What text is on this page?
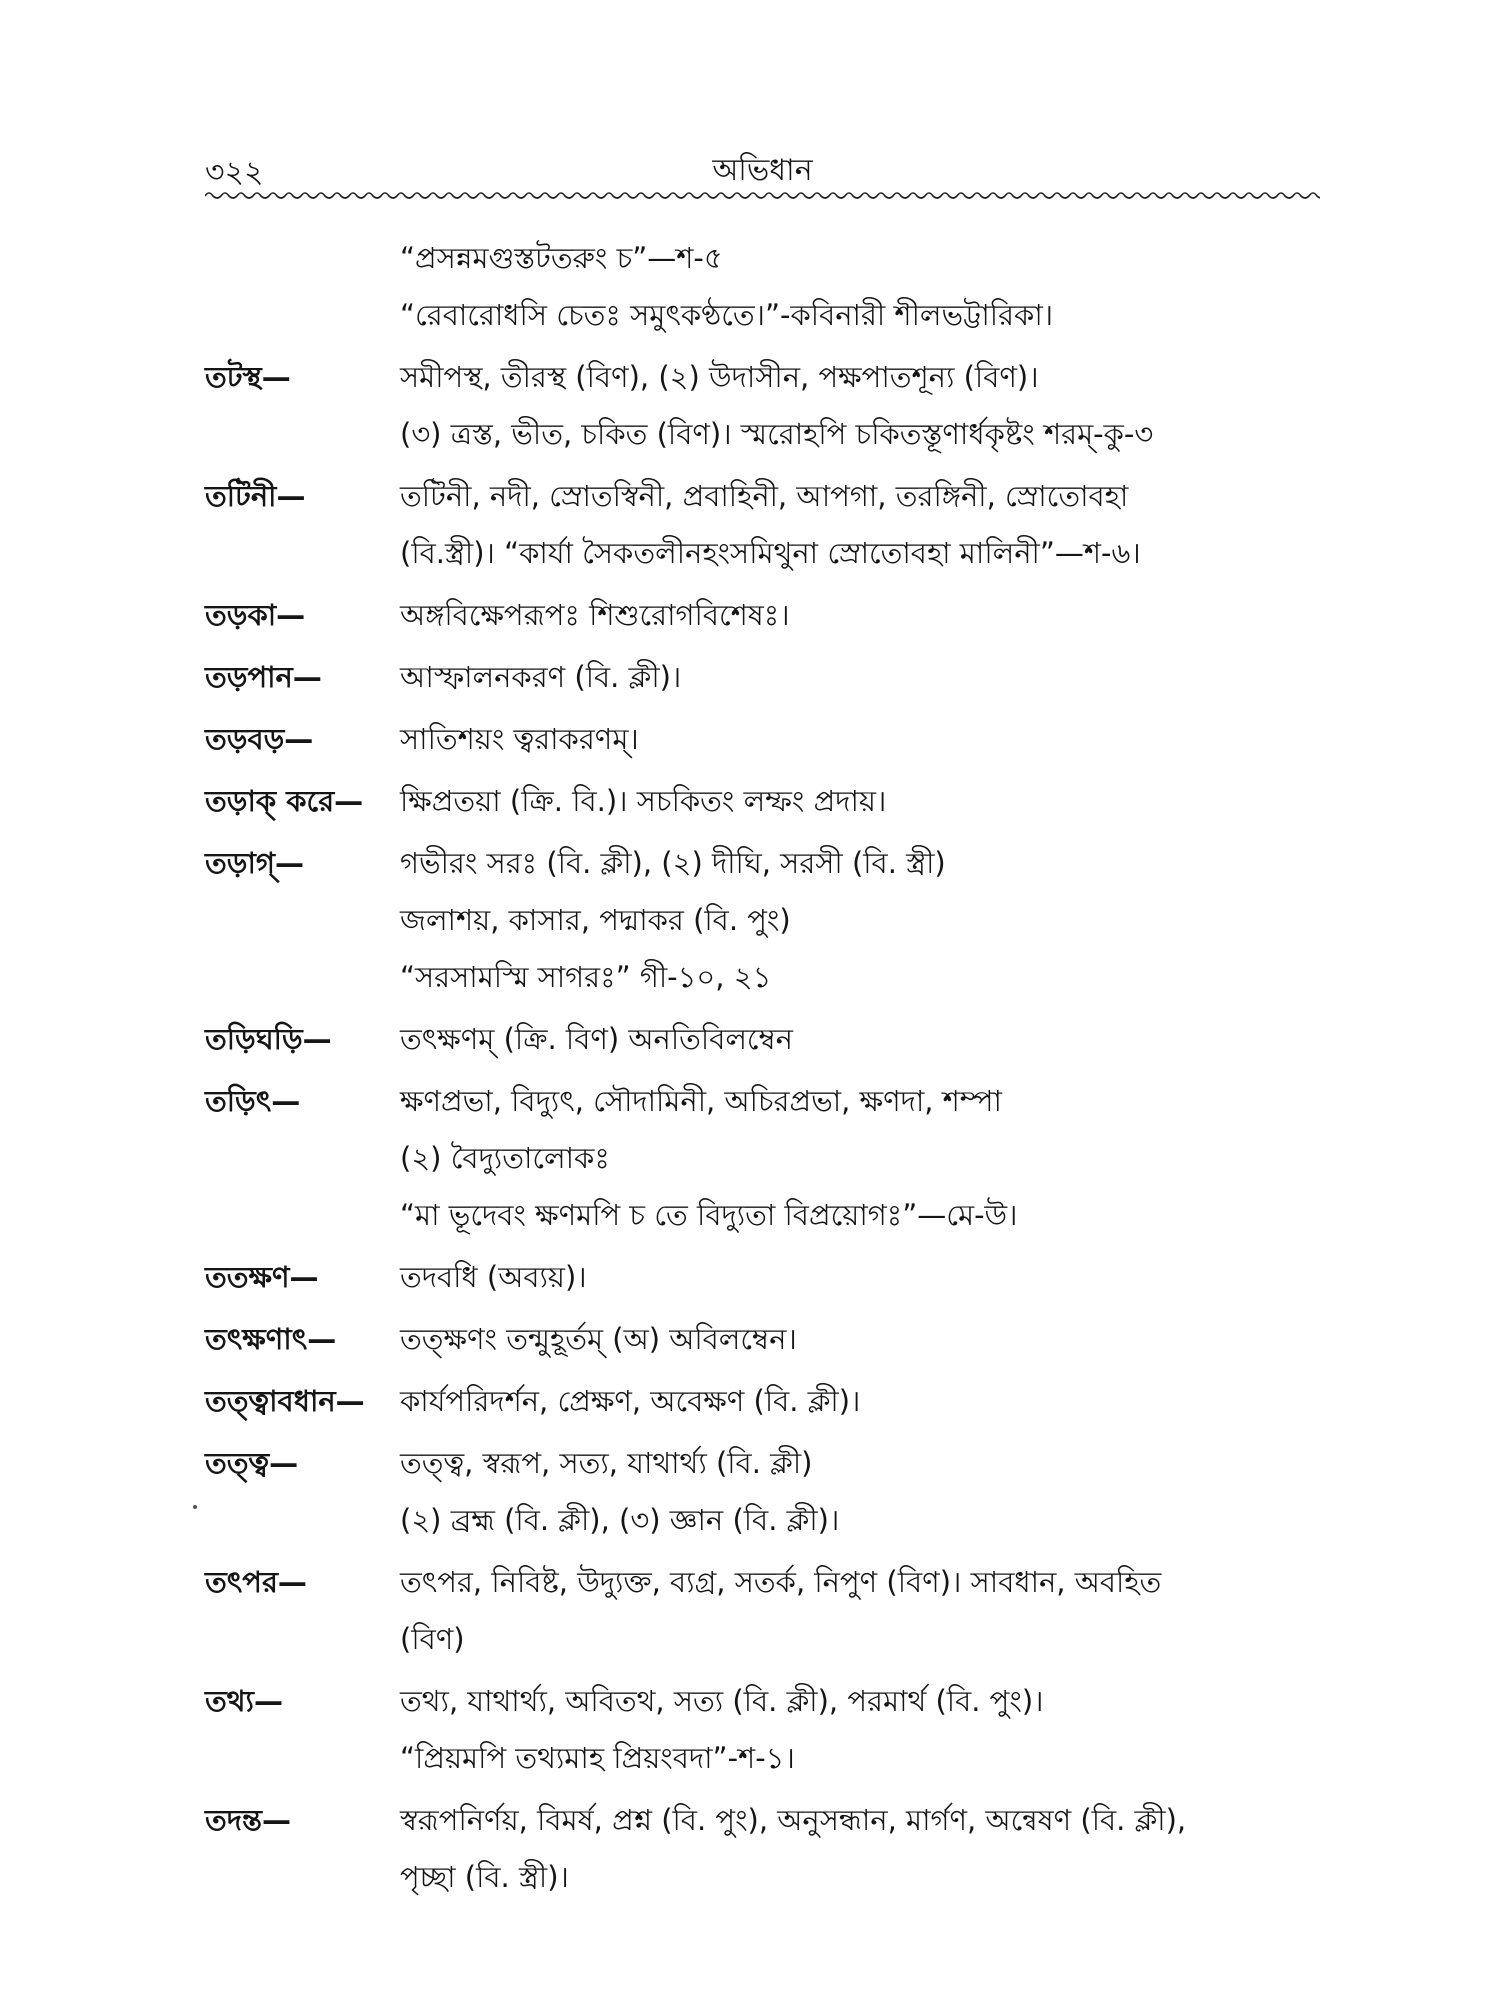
৩২২	অভিধান
“প্রসন্নমগুস্তটতরুং চ”—শ-৫
“রেবারোধসি চেতঃ সমুৎকণ্ঠতে।”-কবিনারী শীলভট্টারিকা।
তটস্থ—	সমীপস্থ, তীরস্থ (বিণ), (২) উদাসীন, পক্ষপাতশূন্য (বিণ)।
(৩) ত্রস্ত, ভীত, চকিত (বিণ)। স্মরোহপি চকিতস্তূণার্ধকৃষ্টং শরম্-কু-৩
তটিনী—	তটিনী, নদী, স্রোতস্বিনী, প্রবাহিনী, আপগা, তরঙ্গিনী, স্রোতোবহা
(বি.স্ত্রী)। “কার্যা সৈকতলীনহংসমিথুনা স্রোতোবহা মালিনী”—শ-৬।
তড়কা—	অঙ্গবিক্ষেপরূপঃ শিশুরোগবিশেষঃ।
তড়পান—	আস্ফালনকরণ (বি. ক্লী)।
তড়বড়—	সাতিশয়ং ত্বরাকরণম্।
তড়াক্ করে—	ক্ষিপ্রতয়া (ক্রি. বি.)। সচকিতং লম্ফং প্রদায়।
তড়াগ্—	গভীরং সরঃ (বি. ক্লী), (২) দীঘি, সরসী (বি. স্ত্রী)
জলাশয়, কাসার, পদ্মাকর (বি. পুং)
“সরসামস্মি সাগরঃ” গী-১০, ২১
তড়িঘড়ি—	তৎক্ষণম্ (ক্রি. বিণ) অনতিবিলম্বেন
তড়িৎ—	ক্ষণপ্রভা, বিদ্যুৎ, সৌদামিনী, অচিরপ্রভা, ক্ষণদা, শম্পা
(২) বৈদ্যুতালোকঃ
“মা ভূদেবং ক্ষণমপি চ তে বিদ্যুতা বিপ্রয়োগঃ”—মে-উ।
ততক্ষণ—	তদবধি (অব্যয়)।
তৎক্ষণাৎ—	তত্ক্ষণং তন্মুহূর্তম্ (অ) অবিলম্বেন।
তত্ত্বাবধান—	কার্যপরিদর্শন, প্রেক্ষণ, অবেক্ষণ (বি. ক্লী)।
তত্ত্ব—	তত্ত্ব, স্বরূপ, সত্য, যাথার্থ্য (বি. ক্লী)
(২) ব্রহ্ম (বি. ক্লী), (৩) জ্ঞান (বি. ক্লী)।
তৎপর—	তৎপর, নিবিষ্ট, উদ্যুক্ত, ব্যগ্র, সতর্ক, নিপুণ (বিণ)। সাবধান, অবহিত
(বিণ)
তথ্য—	তথ্য, যাথার্থ্য, অবিতথ, সত্য (বি. ক্লী), পরমার্থ (বি. পুং)।
“প্রিয়মপি তথ্যমাহ প্রিয়ংবদা”-শ-১।
তদন্ত—	স্বরূপনির্ণয়, বিমর্ষ, প্রশ্ন (বি. পুং), অনুসন্ধান, মার্গণ, অন্বেষণ (বি. ক্লী),
পৃচ্ছা (বি. স্ত্রী)।
